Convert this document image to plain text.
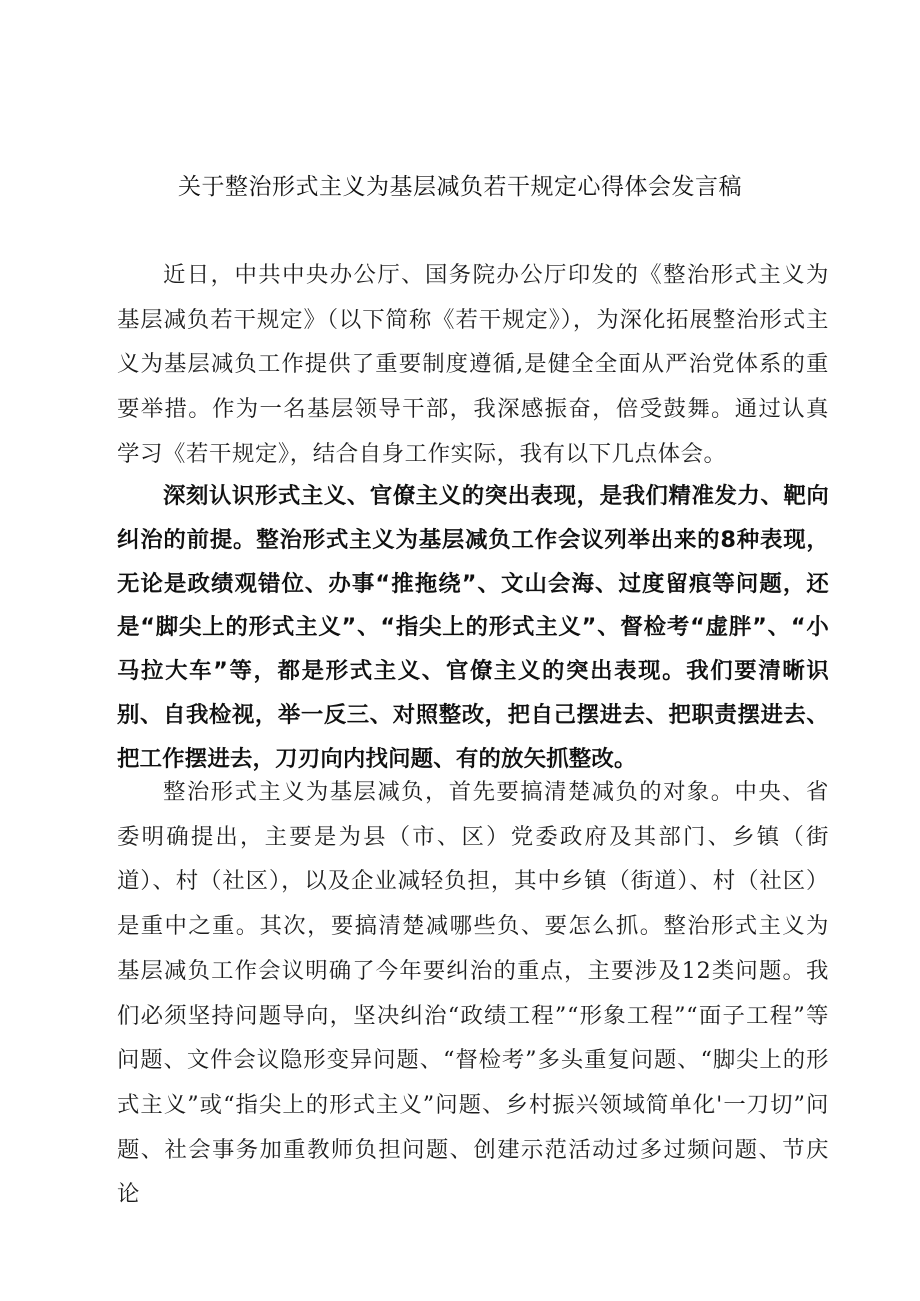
关于整治形式主义为基层减负若干规定心得体会发言稿

近日，中共中央办公厅、国务院办公厅印发的《整治形式主义为基层减负若干规定》（以下简称《若干规定》），为深化拓展整治形式主义为基层减负工作提供了重要制度遵循,是健全全面从严治党体系的重要举措。作为一名基层领导干部，我深感振奋，倍受鼓舞。通过认真学习《若干规定》，结合自身工作实际，我有以下几点体会。

深刻认识形式主义、官僚主义的突出表现，是我们精准发力、靶向纠治的前提。整治形式主义为基层减负工作会议列举出来的8种表现，无论是政绩观错位、办事“推拖绕”、文山会海、过度留痕等问题，还是“脚尖上的形式主义”、“指尖上的形式主义”、督检考“虚胖”、“小马拉大车”等，都是形式主义、官僚主义的突出表现。我们要清晰识别、自我检视，举一反三、对照整改，把自己摆进去、把职责摆进去、把工作摆进去，刀刃向内找问题、有的放矢抓整改。

整治形式主义为基层减负，首先要搞清楚减负的对象。中央、省委明确提出，主要是为县（市、区）党委政府及其部门、乡镇（街道）、村（社区），以及企业减轻负担，其中乡镇（街道）、村（社区）是重中之重。其次，要搞清楚减哪些负、要怎么抓。整治形式主义为基层减负工作会议明确了今年要纠治的重点，主要涉及12类问题。我们必须坚持问题导向，坚决纠治“政绩工程”“形象工程”“面子工程”等问题、文件会议隐形变异问题、“督检考”多头重复问题、“脚尖上的形式主义”或“指尖上的形式主义”问题、乡村振兴领域简单化'一刀切”问题、社会事务加重教师负担问题、创建示范活动过多过频问题、节庆论
